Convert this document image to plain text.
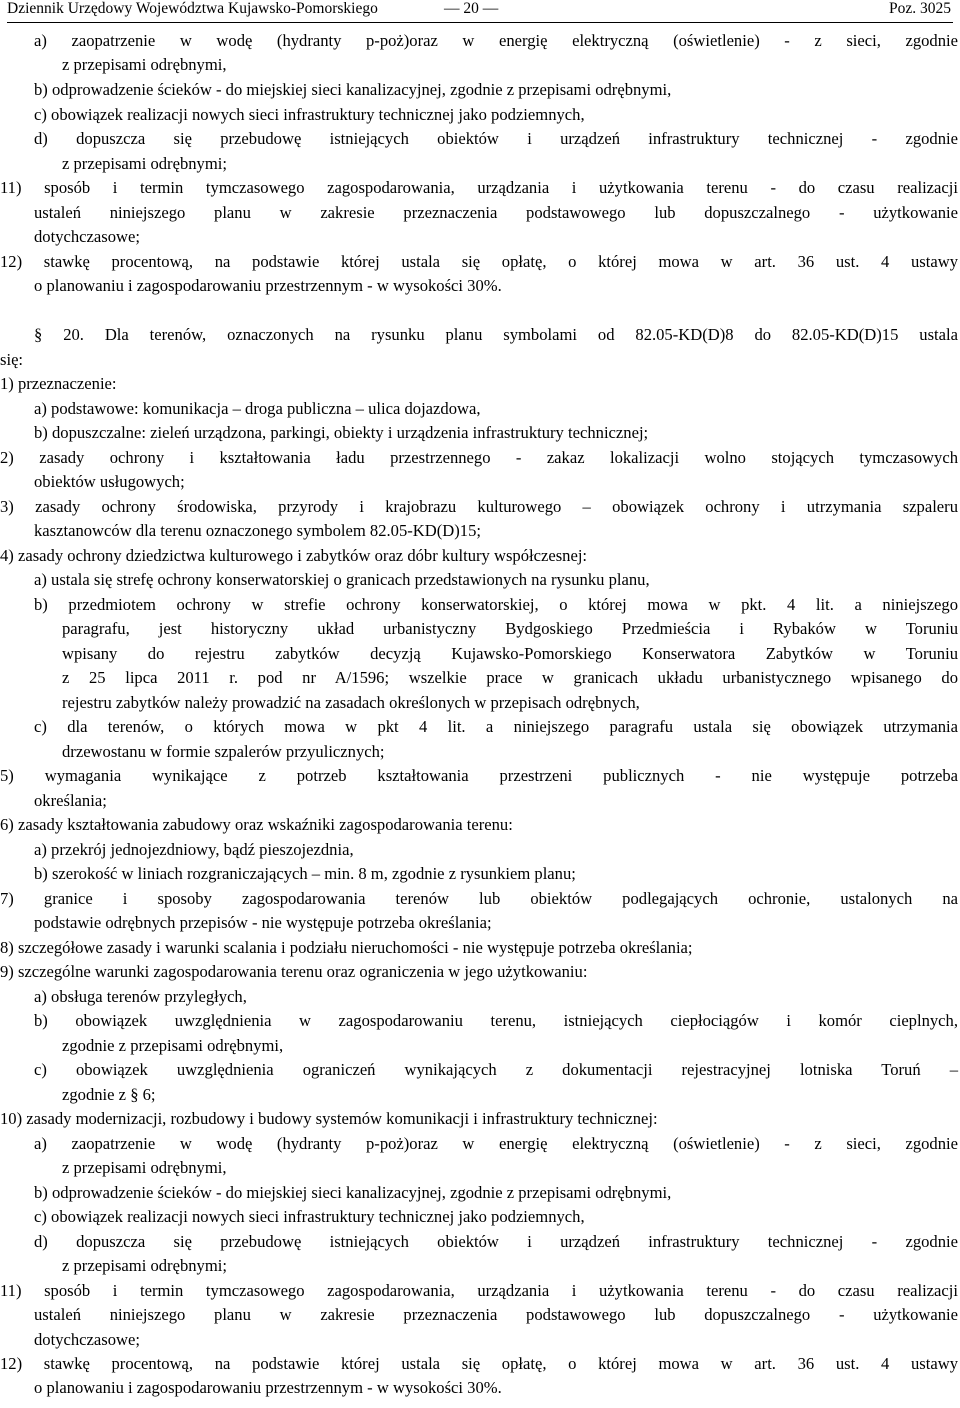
Dziennik Urzędowy Województwa Kujawsko-Pomorskiego	— 20 —	Poz. 3025
a) zaopatrzenie w wodę (hydranty p-poż)oraz w energię elektryczną (oświetlenie) - z sieci, zgodnie
z przepisami odrębnymi,
b) odprowadzenie ścieków - do miejskiej sieci kanalizacyjnej, zgodnie z przepisami odrębnymi,
c) obowiązek realizacji nowych sieci infrastruktury technicznej jako podziemnych,
d) dopuszcza się przebudowę istniejących obiektów i urządzeń infrastruktury technicznej - zgodnie
z przepisami odrębnymi;
11) sposób i termin tymczasowego zagospodarowania, urządzania i użytkowania terenu - do czasu realizacji
ustaleń niniejszego planu w zakresie przeznaczenia podstawowego lub dopuszczalnego - użytkowanie
dotychczasowe;
12) stawkę procentową, na podstawie której ustala się opłatę, o której mowa w art. 36 ust. 4 ustawy
o planowaniu i zagospodarowaniu przestrzennym - w wysokości 30%.
§ 20. Dla terenów, oznaczonych na rysunku planu symbolami od 82.05-KD(D)8 do 82.05-KD(D)15 ustala
się:
1) przeznaczenie:
a) podstawowe: komunikacja – droga publiczna – ulica dojazdowa,
b) dopuszczalne: zieleń urządzona, parkingi, obiekty i urządzenia infrastruktury technicznej;
2) zasady ochrony i kształtowania ładu przestrzennego - zakaz lokalizacji wolno stojących tymczasowych
obiektów usługowych;
3) zasady ochrony środowiska, przyrody i krajobrazu kulturowego – obowiązek ochrony i utrzymania szpaleru
kasztanowców dla terenu oznaczonego symbolem 82.05-KD(D)15;
4) zasady ochrony dziedzictwa kulturowego i zabytków oraz dóbr kultury współczesnej:
a) ustala się strefę ochrony konserwatorskiej o granicach przedstawionych na rysunku planu,
b) przedmiotem ochrony w strefie ochrony konserwatorskiej, o której mowa w pkt. 4 lit. a niniejszego
paragrafu, jest historyczny układ urbanistyczny Bydgoskiego Przedmieścia i Rybaków w Toruniu
wpisany do rejestru zabytków decyzją Kujawsko-Pomorskiego Konserwatora Zabytków w Toruniu
z 25 lipca 2011 r. pod nr A/1596; wszelkie prace w granicach układu urbanistycznego wpisanego do
rejestru zabytków należy prowadzić na zasadach określonych w przepisach odrębnych,
c) dla terenów, o których mowa w pkt 4 lit. a niniejszego paragrafu ustala się obowiązek utrzymania
drzewostanu w formie szpalerów przyulicznych;
5) wymagania wynikające z potrzeb kształtowania przestrzeni publicznych - nie występuje potrzeba
określania;
6) zasady kształtowania zabudowy oraz wskaźniki zagospodarowania terenu:
a) przekrój jednojezdniowy, bądź pieszojezdnia,
b) szerokość w liniach rozgraniczających – min. 8 m, zgodnie z rysunkiem planu;
7) granice i sposoby zagospodarowania terenów lub obiektów podlegających ochronie, ustalonych na
podstawie odrębnych przepisów - nie występuje potrzeba określania;
8) szczegółowe zasady i warunki scalania i podziału nieruchomości - nie występuje potrzeba określania;
9) szczególne warunki zagospodarowania terenu oraz ograniczenia w jego użytkowaniu:
a) obsługa terenów przyległych,
b) obowiązek uwzględnienia w zagospodarowaniu terenu, istniejących ciepłociągów i komór cieplnych,
zgodnie z przepisami odrębnymi,
c) obowiązek uwzględnienia ograniczeń wynikających z dokumentacji rejestracyjnej lotniska Toruń –
zgodnie z § 6;
10) zasady modernizacji, rozbudowy i budowy systemów komunikacji i infrastruktury technicznej:
a) zaopatrzenie w wodę (hydranty p-poż)oraz w energię elektryczną (oświetlenie) - z sieci, zgodnie
z przepisami odrębnymi,
b) odprowadzenie ścieków - do miejskiej sieci kanalizacyjnej, zgodnie z przepisami odrębnymi,
c) obowiązek realizacji nowych sieci infrastruktury technicznej jako podziemnych,
d) dopuszcza się przebudowę istniejących obiektów i urządzeń infrastruktury technicznej - zgodnie
z przepisami odrębnymi;
11) sposób i termin tymczasowego zagospodarowania, urządzania i użytkowania terenu - do czasu realizacji
ustaleń niniejszego planu w zakresie przeznaczenia podstawowego lub dopuszczalnego - użytkowanie
dotychczasowe;
12) stawkę procentową, na podstawie której ustala się opłatę, o której mowa w art. 36 ust. 4 ustawy
o planowaniu i zagospodarowaniu przestrzennym - w wysokości 30%.
